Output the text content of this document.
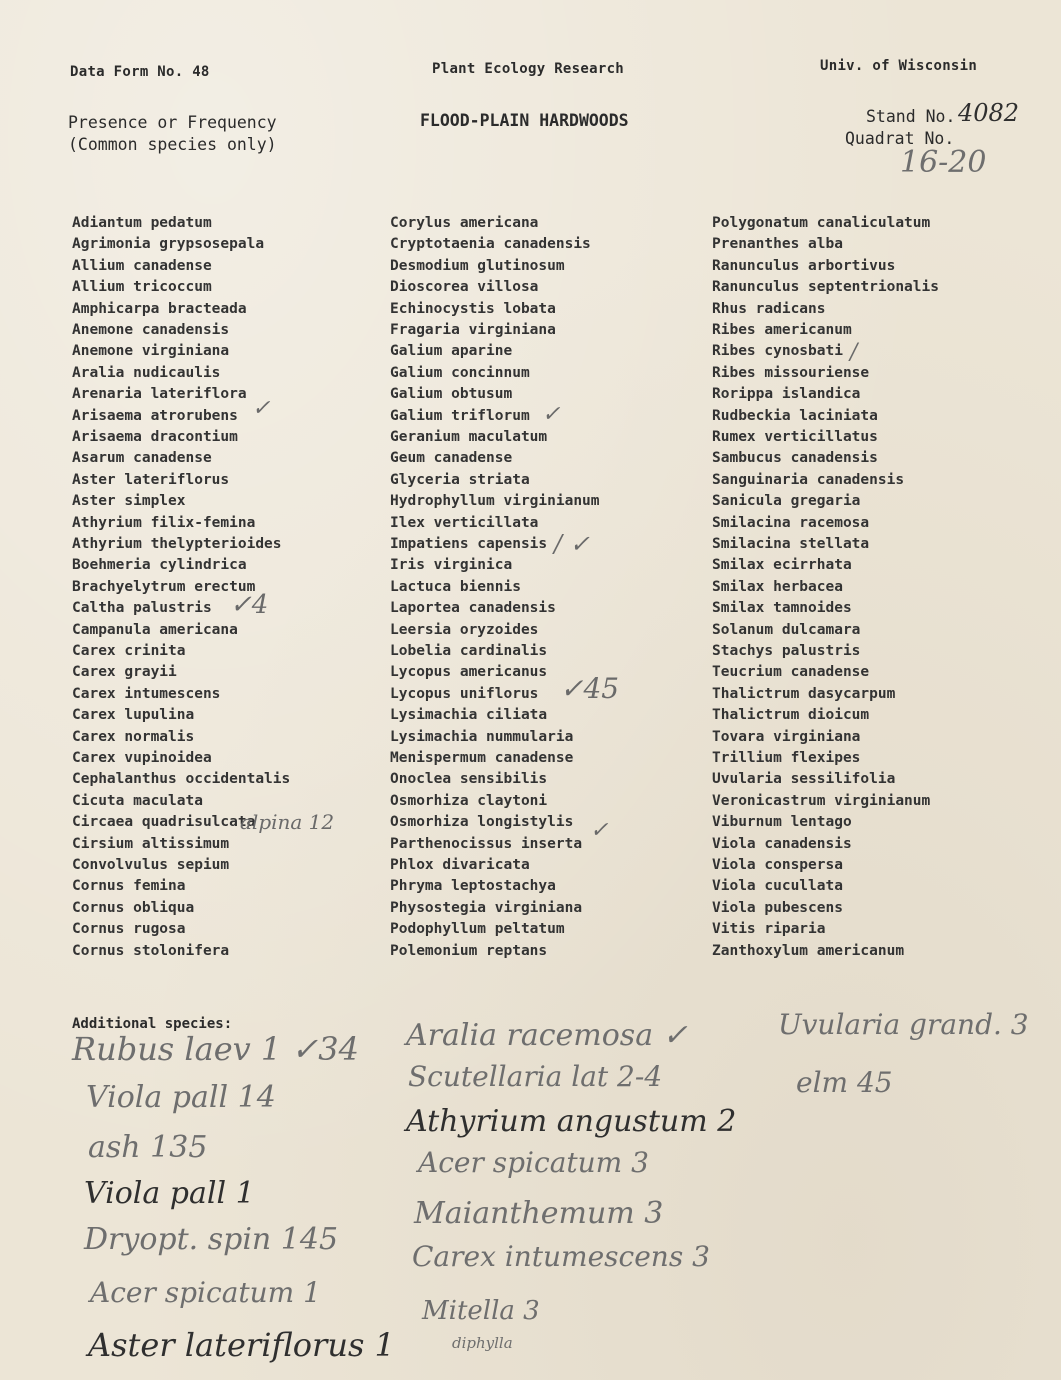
Data Form No. 48	Plant Ecology Research	Univ. of Wisconsin
Presence or Frequency
(Common species only)
FLOOD-PLAIN HARDWOODS	Stand No. 4082
Quadrat No.
16-20
Adiantum pedatum
Agrimonia grypsosepala
Allium canadense
Allium tricoccum
Amphicarpa bracteada
Anemone canadensis
Anemone virginiana
Aralia nudicaulis
Arenaria lateriflora
Arisaema atrorubens
Arisaema dracontium
Asarum canadense
Aster lateriflorus
Aster simplex
Athyrium filix-femina
Athyrium thelypterioides
Boehmeria cylindrica
Brachyelytrum erectum
Caltha palustris
Campanula americana
Carex crinita
Carex grayii
Carex intumescens
Carex lupulina
Carex normalis
Carex vupinoidea
Cephalanthus occidentalis
Cicuta maculata
Circaea quadrisulcata
Cirsium altissimum
Convolvulus sepium
Cornus femina
Cornus obliqua
Cornus rugosa
Cornus stolonifera
Corylus americana
Cryptotaenia canadensis
Desmodium glutinosum
Dioscorea villosa
Echinocystis lobata
Fragaria virginiana
Galium aparine
Galium concinnum
Galium obtusum
Galium triflorum
Geranium maculatum
Geum canadense
Glyceria striata
Hydrophyllum virginianum
Ilex verticillata
Impatiens capensis
Iris virginica
Lactuca biennis
Laportea canadensis
Leersia oryzoides
Lobelia cardinalis
Lycopus americanus
Lycopus uniflorus
Lysimachia ciliata
Lysimachia nummularia
Menispermum canadense
Onoclea sensibilis
Osmorhiza claytoni
Osmorhiza longistylis
Parthenocissus inserta
Phlox divaricata
Phryma leptostachya
Physostegia virginiana
Podophyllum peltatum
Polemonium reptans
Polygonatum canaliculatum
Prenanthes alba
Ranunculus arbortivus
Ranunculus septentrionalis
Rhus radicans
Ribes americanum
Ribes cynosbati
Ribes missouriense
Rorippa islandica
Rudbeckia laciniata
Rumex verticillatus
Sambucus canadensis
Sanguinaria canadensis
Sanicula gregaria
Smilacina racemosa
Smilacina stellata
Smilax ecirrhata
Smilax herbacea
Smilax tamnoides
Solanum dulcamara
Stachys palustris
Teucrium canadense
Thalictrum dasycarpum
Thalictrum dioicum
Tovara virginiana
Trillium flexipes
Uvularia sessilifolia
Veronicastrum virginianum
Viburnum lentago
Viola canadensis
Viola conspersa
Viola cucullata
Viola pubescens
Vitis riparia
Zanthoxylum americanum
✓
✓4
alpina 12
✓
/ ✓
✓45
✓
/
Additional species:
Rubus laev 1 ✓34
Viola pall 14
ash 135
Viola pall 1
Dryopt. spin 145
Acer spicatum 1
Aster lateriflorus 1
Aralia racemosa ✓
Scutellaria lat 2-4
Athyrium angustum 2
Acer spicatum 3
Maianthemum 3
Carex intumescens 3
Mitella 3
diphylla
Uvularia grand. 3
elm 45
